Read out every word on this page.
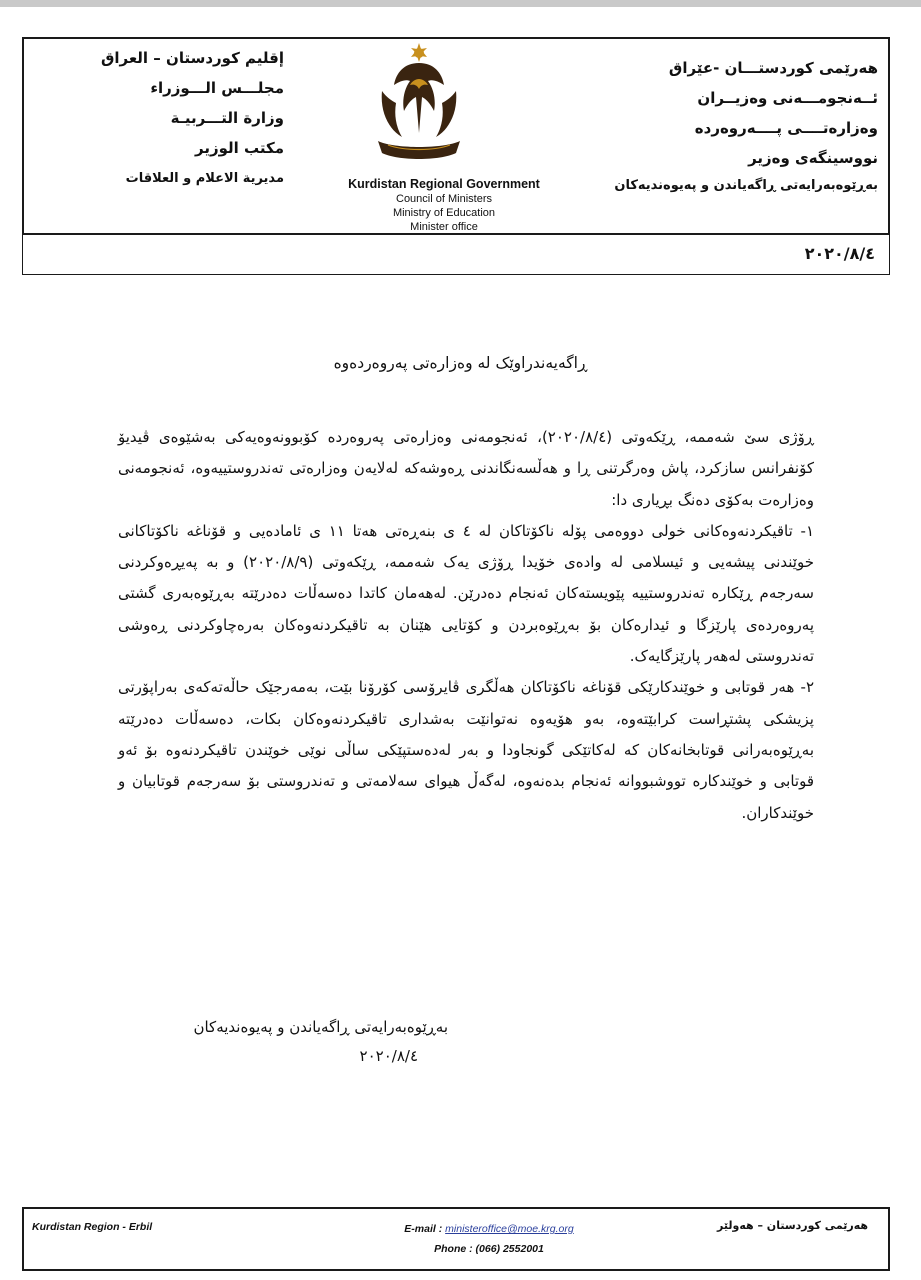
هەرێمی کوردستـــان -عێراق
ئــەنجومـــەنی وەزیــران
وەزارەتــــی پــــەروەردە
نووسینگەی وەزیر
بەڕێوەبەرایەتی ڕاگەیاندن و پەیوەندیەکان
Kurdistan Regional Government
Council of Ministers
Ministry of Education
Minister office
إقليم كوردستان – العراق
مجلـــس الـــوزراء
وزارة التـــربيـة
مكتب الوزير
مديرية الاعلام و العلاقات
٢٠٢٠/٨/٤
ڕاگەیەندراوێک لە وەزارەتی پەروەردەوە

ڕۆژی سێ شەممە، ڕێکەوتی (٢٠٢٠/٨/٤)، ئەنجومەنی وەزارەتی پەروەردە کۆبوونەوەیەکی بەشێوەی ڤیدیۆ کۆنفرانس سازکرد، پاش وەرگرتنی ڕا و هەڵسەنگاندنی ڕەوشەکە لەلایەن وەزارەتی تەندروستییەوە، ئەنجومەنی وەزارەت بەکۆی دەنگ بڕیاری دا:

١- تاقیکردنەوەکانی خولی دووەمی پۆلە ناکۆتاکان لە ٤ ی بنەڕەتی هەتا ١١ ی ئامادەیی و قۆناغە ناکۆتاکانی خوێندنی پیشەیی و ئیسلامی لە وادەی خۆیدا ڕۆژی یەک شەممە، ڕێکەوتی (٢٠٢٠/٨/٩) و بە پەیڕەوکردنی سەرجەم ڕێکارە تەندروستییە پێویستەکان ئەنجام دەدرێن. لەهەمان کاتدا دەسەڵات دەدرێتە بەڕێوەبەری گشتی پەروەردەی پارێزگا و ئیدارەکان بۆ بەڕێوەبردن و کۆتایی هێنان بە تاقیکردنەوەکان بەرەچاوکردنی ڕەوشی تەندروستی لەهەر پارێزگایەک.

٢- هەر قوتابی و خوێندکارێکی قۆناغە ناکۆتاکان هەڵگری ڤایرۆسی کۆرۆنا بێت، بەمەرجێک حاڵەتەکەی بەراپۆرتی پزیشکی پشتڕاست کرابێتەوە، بەو هۆیەوە نەتوانێت بەشداری تاقیکردنەوەکان بکات، دەسەڵات دەدرێتە بەڕێوەبەرانی قوتابخانەکان کە لەکاتێکی گونجاودا و بەر لەدەستپێکی ساڵی نوێی خوێندن تاقیکردنەوە بۆ ئەو قوتابی و خوێندکارە تووشبووانە ئەنجام بدەنەوە، لەگەڵ هیوای سەلامەتی و تەندروستی بۆ سەرجەم قوتابیان و خوێندکاران.

بەڕێوەبەرایەتی ڕاگەیاندن و پەیوەندیەکان
٢٠٢٠/٨/٤
Kurdistan Region - Erbil	E-mail : ministeroffice@moe.krg.org
Phone : (066) 2552001
هەرێمی کوردستان – هەولێر
